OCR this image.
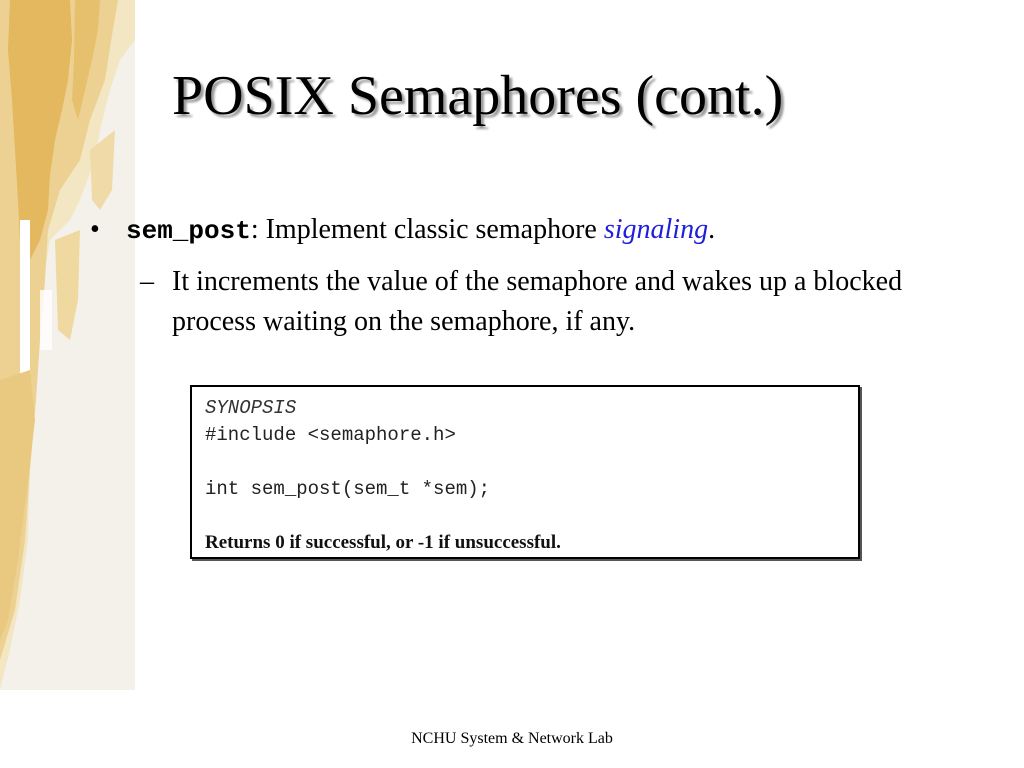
POSIX Semaphores (cont.)
• sem_post: Implement classic semaphore signaling.
– It increments the value of the semaphore and wakes up a blocked process waiting on the semaphore, if any.
SYNOPSIS
#include <semaphore.h>
int sem_post(sem_t *sem);
Returns 0 if successful, or -1 if unsuccessful.
NCHU System & Network Lab
